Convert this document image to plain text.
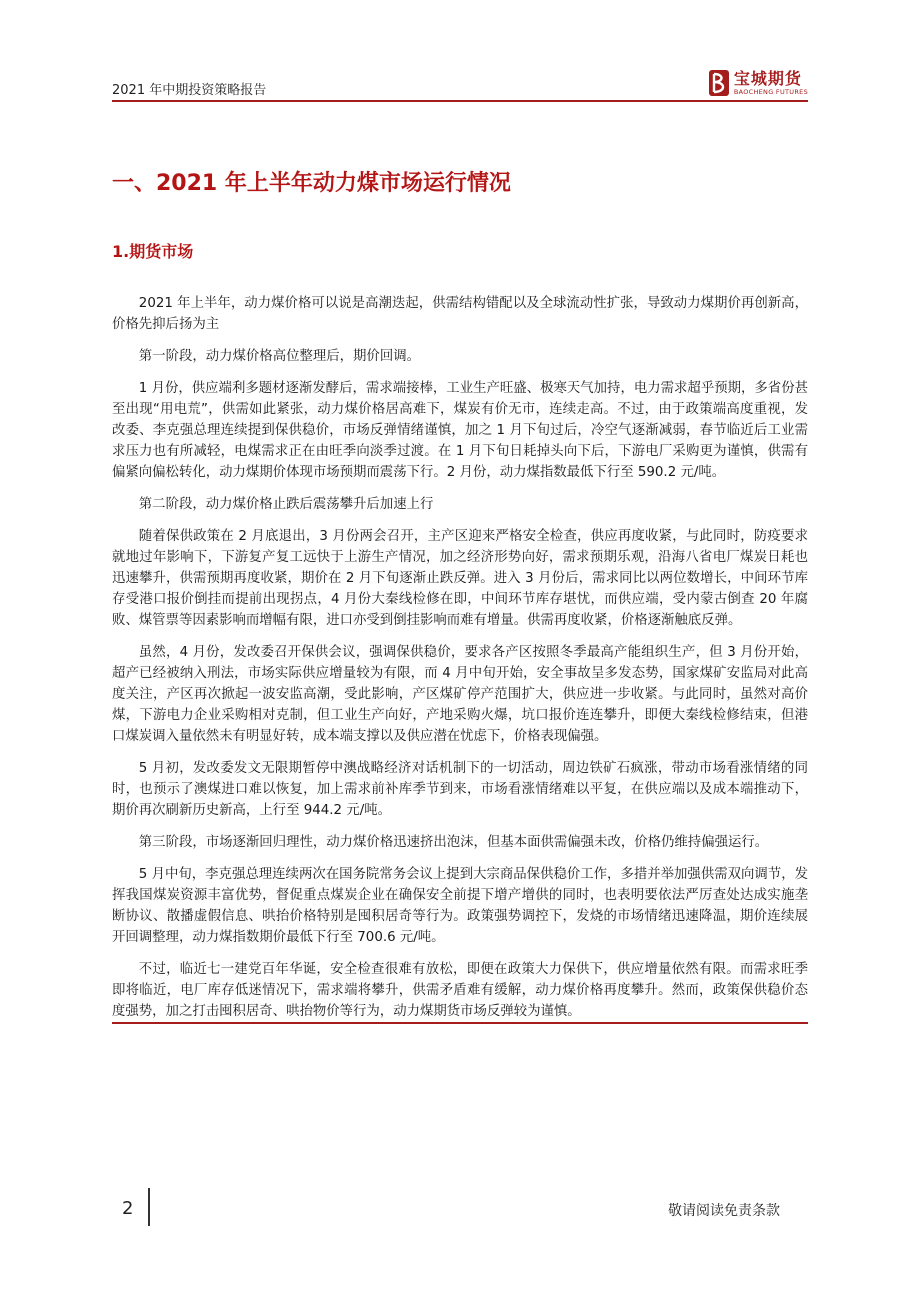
2021 年中期投资策略报告
宝城期货
BAOCHENG FUTURES
一、2021 年上半年动力煤市场运行情况
1.期货市场

2021 年上半年，动力煤价格可以说是高潮迭起，供需结构错配以及全球流动性扩张，导致动力煤期价再创新高，价格先抑后扬为主

第一阶段，动力煤价格高位整理后，期价回调。

1 月份，供应端利多题材逐渐发酵后，需求端接棒，工业生产旺盛、极寒天气加持，电力需求超乎预期，多省份甚至出现“用电荒”，供需如此紧张，动力煤价格居高难下，煤炭有价无市，连续走高。不过，由于政策端高度重视，发改委、李克强总理连续提到保供稳价，市场反弹情绪谨慎，加之 1 月下旬过后，冷空气逐渐减弱，春节临近后工业需求压力也有所减轻，电煤需求正在由旺季向淡季过渡。在 1 月下旬日耗掉头向下后，下游电厂采购更为谨慎，供需有偏紧向偏松转化，动力煤期价体现市场预期而震荡下行。2 月份，动力煤指数最低下行至 590.2 元/吨。

第二阶段，动力煤价格止跌后震荡攀升后加速上行

随着保供政策在 2 月底退出，3 月份两会召开，主产区迎来严格安全检查，供应再度收紧，与此同时，防疫要求就地过年影响下，下游复产复工远快于上游生产情况，加之经济形势向好，需求预期乐观，沿海八省电厂煤炭日耗也迅速攀升，供需预期再度收紧，期价在 2 月下旬逐渐止跌反弹。进入 3 月份后，需求同比以两位数增长，中间环节库存受港口报价倒挂而提前出现拐点，4 月份大秦线检修在即，中间环节库存堪忧，而供应端，受内蒙古倒查 20 年腐败、煤管票等因素影响而增幅有限，进口亦受到倒挂影响而难有增量。供需再度收紧，价格逐渐触底反弹。

虽然，4 月份，发改委召开保供会议，强调保供稳价，要求各产区按照冬季最高产能组织生产，但 3 月份开始，超产已经被纳入刑法，市场实际供应增量较为有限，而 4 月中旬开始，安全事故呈多发态势，国家煤矿安监局对此高度关注，产区再次掀起一波安监高潮，受此影响，产区煤矿停产范围扩大，供应进一步收紧。与此同时，虽然对高价煤，下游电力企业采购相对克制，但工业生产向好，产地采购火爆，坑口报价连连攀升，即便大秦线检修结束，但港口煤炭调入量依然未有明显好转，成本端支撑以及供应潜在忧虑下，价格表现偏强。

5 月初，发改委发文无限期暂停中澳战略经济对话机制下的一切活动，周边铁矿石疯涨，带动市场看涨情绪的同时，也预示了澳煤进口难以恢复，加上需求前补库季节到来，市场看涨情绪难以平复，在供应端以及成本端推动下，期价再次刷新历史新高，上行至 944.2 元/吨。

第三阶段，市场逐渐回归理性，动力煤价格迅速挤出泡沫，但基本面供需偏强未改，价格仍维持偏强运行。

5 月中旬，李克强总理连续两次在国务院常务会议上提到大宗商品保供稳价工作，多措并举加强供需双向调节，发挥我国煤炭资源丰富优势，督促重点煤炭企业在确保安全前提下增产增供的同时，也表明要依法严厉查处达成实施垄断协议、散播虚假信息、哄抬价格特别是囤积居奇等行为。政策强势调控下，发烧的市场情绪迅速降温，期价连续展开回调整理，动力煤指数期价最低下行至 700.6 元/吨。

不过，临近七一建党百年华诞，安全检查很难有放松，即便在政策大力保供下，供应增量依然有限。而需求旺季即将临近，电厂库存低迷情况下，需求端将攀升，供需矛盾难有缓解，动力煤价格再度攀升。然而，政策保供稳价态度强势，加之打击囤积居奇、哄抬物价等行为，动力煤期货市场反弹较为谨慎。

2	敬请阅读免责条款
